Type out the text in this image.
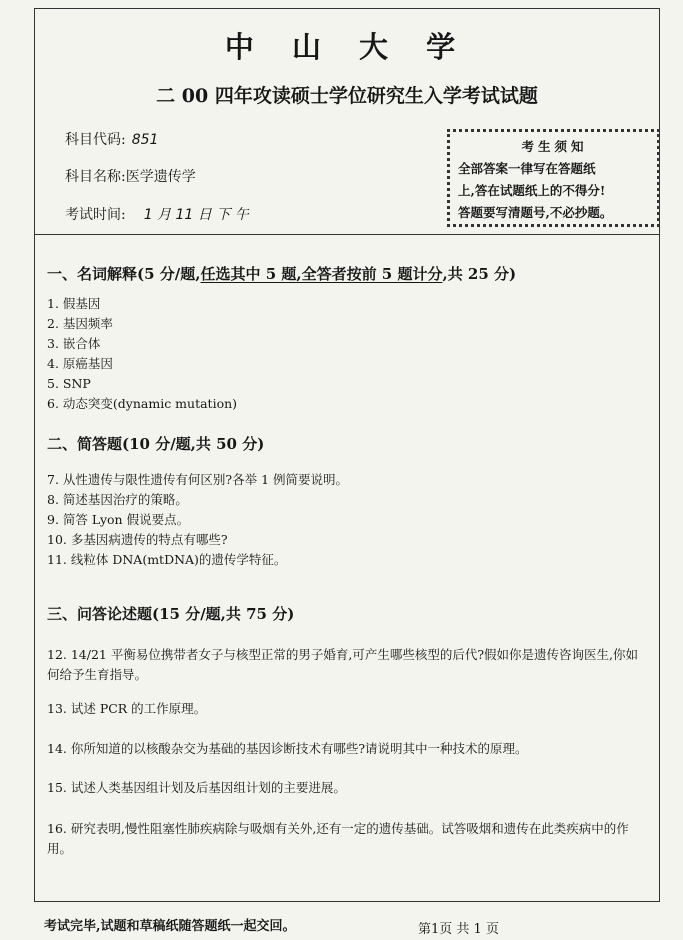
中 山 大 学
二 00 四年攻读硕士学位研究生入学考试试题
科目代码: 851
科目名称:医学遗传学
考试时间: 1 月 11 日 下 午
考生须知
全部答案一律写在答题纸
上,答在试题纸上的不得分!
答题要写清题号,不必抄题。
一、名词解释(5 分/题,任选其中 5 题,全答者按前 5 题计分,共 25 分)
1. 假基因
2. 基因频率
3. 嵌合体
4. 原癌基因
5. SNP
6. 动态突变(dynamic mutation)
二、简答题(10 分/题,共 50 分)
7. 从性遗传与限性遗传有何区别?各举 1 例简要说明。
8. 简述基因治疗的策略。
9. 简答 Lyon 假说要点。
10. 多基因病遗传的特点有哪些?
11. 线粒体 DNA(mtDNA)的遗传学特征。
三、问答论述题(15 分/题,共 75 分)
12. 14/21 平衡易位携带者女子与核型正常的男子婚育,可产生哪些核型的后代?假如你是遗传咨询医生,你如何给予生育指导。
13. 试述 PCR 的工作原理。
14. 你所知道的以核酸杂交为基础的基因诊断技术有哪些?请说明其中一种技术的原理。
15. 试述人类基因组计划及后基因组计划的主要进展。
16. 研究表明,慢性阻塞性肺疾病除与吸烟有关外,还有一定的遗传基础。试答吸烟和遗传在此类疾病中的作用。
考试完毕,试题和草稿纸随答题纸一起交回。	第1页 共 1 页
